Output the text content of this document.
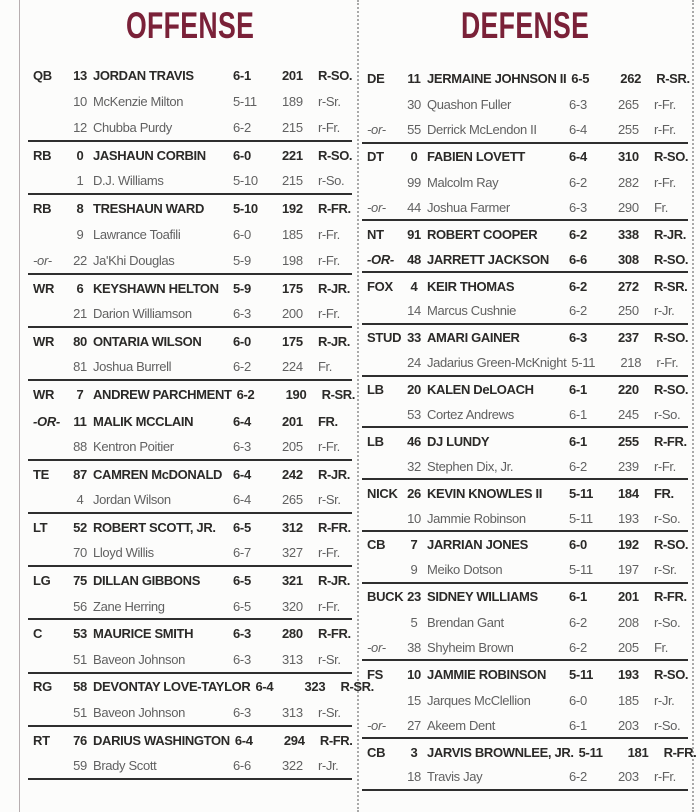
OFFENSE
QB	13 JORDAN TRAVIS	6-1	201	R-SO.
10 McKenzie Milton	5-11	189	r-Sr.
12 Chubba Purdy	6-2	215	r-Fr.
RB	0 JASHAUN CORBIN	6-0	221	R-SO.
1 D.J. Williams	5-10	215	r-So.
RB	8 TRESHAUN WARD	5-10	192	R-FR.
9 Lawrance Toafili	6-0	185	r-Fr.
-or-	22 Ja'Khi Douglas	5-9	198	r-Fr.
WR	6 KEYSHAWN HELTON	5-9	175	R-JR.
21 Darion Williamson	6-3	200	r-Fr.
WR	80 ONTARIA WILSON	6-0	175	R-JR.
81 Joshua Burrell	6-2	224	Fr.
WR	7 ANDREW PARCHMENT 6-2	190	R-SR.
-OR-	11 MALIK MCCLAIN	6-4	201	FR.
88 Kentron Poitier	6-3	205	r-Fr.
TE	87 CAMREN McDONALD 6-4	242	R-JR.
4 Jordan Wilson	6-4	265	r-Sr.
LT	52 ROBERT SCOTT, JR.	6-5	312	R-FR.
70 Lloyd Willis	6-7	327	r-Fr.
LG	75 DILLAN GIBBONS	6-5	321	R-JR.
56 Zane Herring	6-5	320	r-Fr.
C	53 MAURICE SMITH	6-3	280	R-FR.
51 Baveon Johnson	6-3	313	r-Sr.
RG	58 DEVONTAY LOVE-TAYLOR 6-4	323	R-SR.
51 Baveon Johnson	6-3	313	r-Sr.
RT	76 DARIUS WASHINGTON 6-4	294	R-FR.
59 Brady Scott	6-6	322	r-Jr.
DEFENSE
DE	11 JERMAINE JOHNSON II 6-5	262	R-SR.
30 Quashon Fuller	6-3	265	r-Fr.
-or-	55 Derrick McLendon II	6-4	255	r-Fr.
DT	0 FABIEN LOVETT	6-4	310	R-SO.
99 Malcolm Ray	6-2	282	r-Fr.
-or-	44 Joshua Farmer	6-3	290	Fr.
NT	91 ROBERT COOPER	6-2	338	R-JR.
-OR-	48 JARRETT JACKSON	6-6	308	R-SO.
FOX	4 KEIR THOMAS	6-2	272	R-SR.
14 Marcus Cushnie	6-2	250	r-Jr.
STUD 33 AMARI GAINER	6-3	237	R-SO.
24 Jadarius Green-McKnight 5-11	218	r-Fr.
LB	20 KALEN DeLOACH	6-1	220	R-SO.
53 Cortez Andrews	6-1	245	r-So.
LB	46 DJ LUNDY	6-1	255	R-FR.
32 Stephen Dix, Jr.	6-2	239	r-Fr.
NICK 26 KEVIN KNOWLES II	5-11	184	FR.
10 Jammie Robinson	5-11	193	r-So.
CB	7 JARRIAN JONES	6-0	192	R-SO.
9 Meiko Dotson	5-11	197	r-Sr.
BUCK 23 SIDNEY WILLIAMS	6-1	201	R-FR.
5 Brendan Gant	6-2	208	r-So.
-or-	38 Shyheim Brown	6-2	205	Fr.
FS	10 JAMMIE ROBINSON	5-11	193	R-SO.
15 Jarques McClellion	6-0	185	r-Jr.
-or-	27 Akeem Dent	6-1	203	r-So.
CB	3 JARVIS BROWNLEE, JR. 5-11	181	R-FR.
18 Travis Jay	6-2	203	r-Fr.
